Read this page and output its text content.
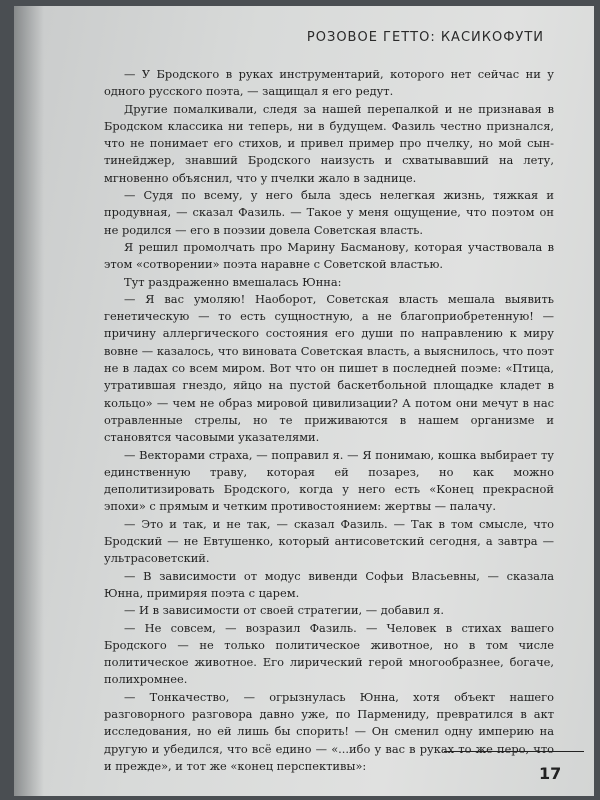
РОЗОВОЕ ГЕТТО: КАСИКОФУТИ

— У Бродского в руках инструментарий, которого нет сейчас ни у одного русского поэта, — защищал я его редут.

Другие помалкивали, следя за нашей перепалкой и не признавая в Бродском классика ни теперь, ни в будущем. Фазиль честно признался, что не понимает его стихов, и привел пример про пчелку, но мой сын-тинейджер, знавший Бродского наизусть и схватывавший на лету, мгновенно объяснил, что у пчелки жало в заднице.

— Судя по всему, у него была здесь нелегкая жизнь, тяжкая и продувная, — сказал Фазиль. — Такое у меня ощущение, что поэтом он не родился — его в поэзии довела Советская власть.

Я решил промолчать про Марину Басманову, которая участвовала в этом «сотворении» поэта наравне с Советской властью.

Тут раздраженно вмешалась Юнна:

— Я вас умоляю! Наоборот, Советская власть мешала выявить генетическую — то есть сущностную, а не благоприобретенную! — причину аллергического состояния его души по направлению к миру вовне — казалось, что виновата Советская власть, а выяснилось, что поэт не в ладах со всем миром. Вот что он пишет в последней поэме: «Птица, утратившая гнездо, яйцо на пустой баскетбольной площадке кладет в кольцо» — чем не образ мировой цивилизации? А потом они мечут в нас отравленные стрелы, но те приживаются в нашем организме и становятся часовыми указателями.

— Векторами страха, — поправил я. — Я понимаю, кошка выбирает ту единственную траву, которая ей позарез, но как можно деполитизировать Бродского, когда у него есть «Конец прекрасной эпохи» с прямым и четким противостоянием: жертвы — палачу.

— Это и так, и не так, — сказал Фазиль. — Так в том смысле, что Бродский — не Евтушенко, который антисоветский сегодня, а завтра — ультрасоветский.

— В зависимости от модус вивенди Софьи Власьевны, — сказала Юнна, примиряя поэта с царем.

— И в зависимости от своей стратегии, — добавил я.

— Не совсем, — возразил Фазиль. — Человек в стихах вашего Бродского — не только политическое животное, но в том числе политическое животное. Его лирический герой многообразнее, богаче, полихромнее.

— Тонкачество, — огрызнулась Юнна, хотя объект нашего разговорного разговора давно уже, по Пармениду, превратился в акт исследования, но ей лишь бы спорить! — Он сменил одну империю на другую и убедился, что всё едино — «...ибо у вас в руках то же перо, что и прежде», и тот же «конец перспективы»:	17
